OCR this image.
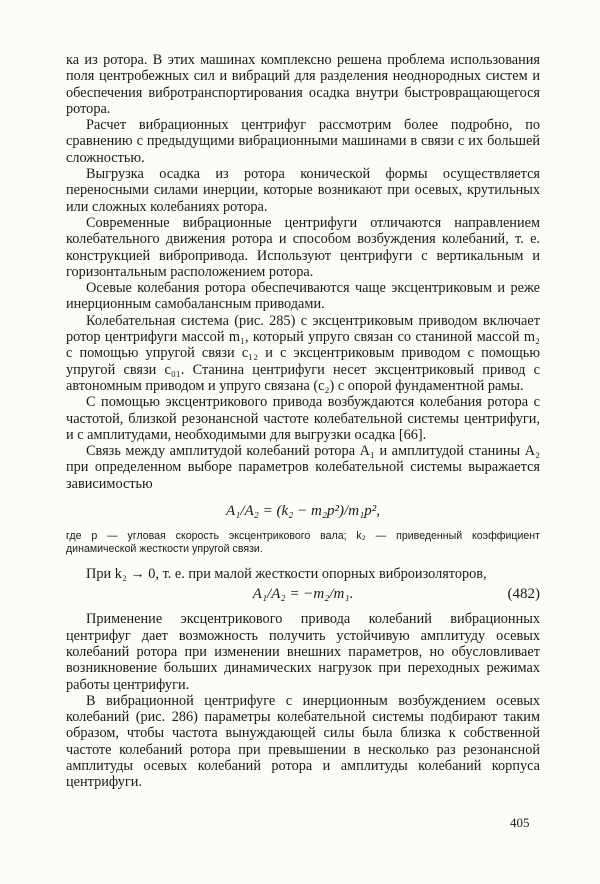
ка из ротора. В этих машинах комплексно решена проблема использования поля центробежных сил и вибраций для разделения неоднородных систем и обеспечения вибротранспортирования осадка внутри быстровращающегося ротора.

Расчет вибрационных центрифуг рассмотрим более подробно, по сравнению с предыдущими вибрационными машинами в связи с их большей сложностью.

Выгрузка осадка из ротора конической формы осуществляется переносными силами инерции, которые возникают при осевых, крутильных или сложных колебаниях ротора.

Современные вибрационные центрифуги отличаются направлением колебательного движения ротора и способом возбуждения колебаний, т. е. конструкцией вибропривода. Используют центрифуги с вертикальным и горизонтальным расположением ротора.

Осевые колебания ротора обеспечиваются чаще эксцентриковым и реже инерционным самобалансным приводами.

Колебательная система (рис. 285) с эксцентриковым приводом включает ротор центрифуги массой m₁, который упруго связан со станиной массой m₂ с помощью упругой связи c₁₂ и с эксцентриковым приводом с помощью упругой связи c₀₁. Станина центрифуги несет эксцентриковый привод с автономным приводом и упруго связана (c₂) с опорой фундаментной рамы.

С помощью эксцентрикового привода возбуждаются колебания ротора с частотой, близкой резонансной частоте колебательной системы центрифуги, и с амплитудами, необходимыми для выгрузки осадка [66].

Связь между амплитудой колебаний ротора A₁ и амплитудой станины A₂ при определенном выборе параметров колебательной системы выражается зависимостью

A₁/A₂ = (k₂ − m₂p²)/m₁p²,

где p — угловая скорость эксцентрикового вала; k₂ — приведенный коэффициент динамической жесткости упругой связи.

При k₂ → 0, т. е. при малой жесткости опорных виброизоляторов,

A₁/A₂ = −m₂/m₁.	(482)

Применение эксцентрикового привода колебаний вибрационных центрифуг дает возможность получить устойчивую амплитуду осевых колебаний ротора при изменении внешних параметров, но обусловливает возникновение больших динамических нагрузок при переходных режимах работы центрифуги.

В вибрационной центрифуге с инерционным возбуждением осевых колебаний (рис. 286) параметры колебательной системы подбирают таким образом, чтобы частота вынуждающей силы была близка к собственной частоте колебаний ротора при превышении в несколько раз резонансной амплитуды осевых колебаний ротора и амплитуды колебаний корпуса центрифуги.

405
